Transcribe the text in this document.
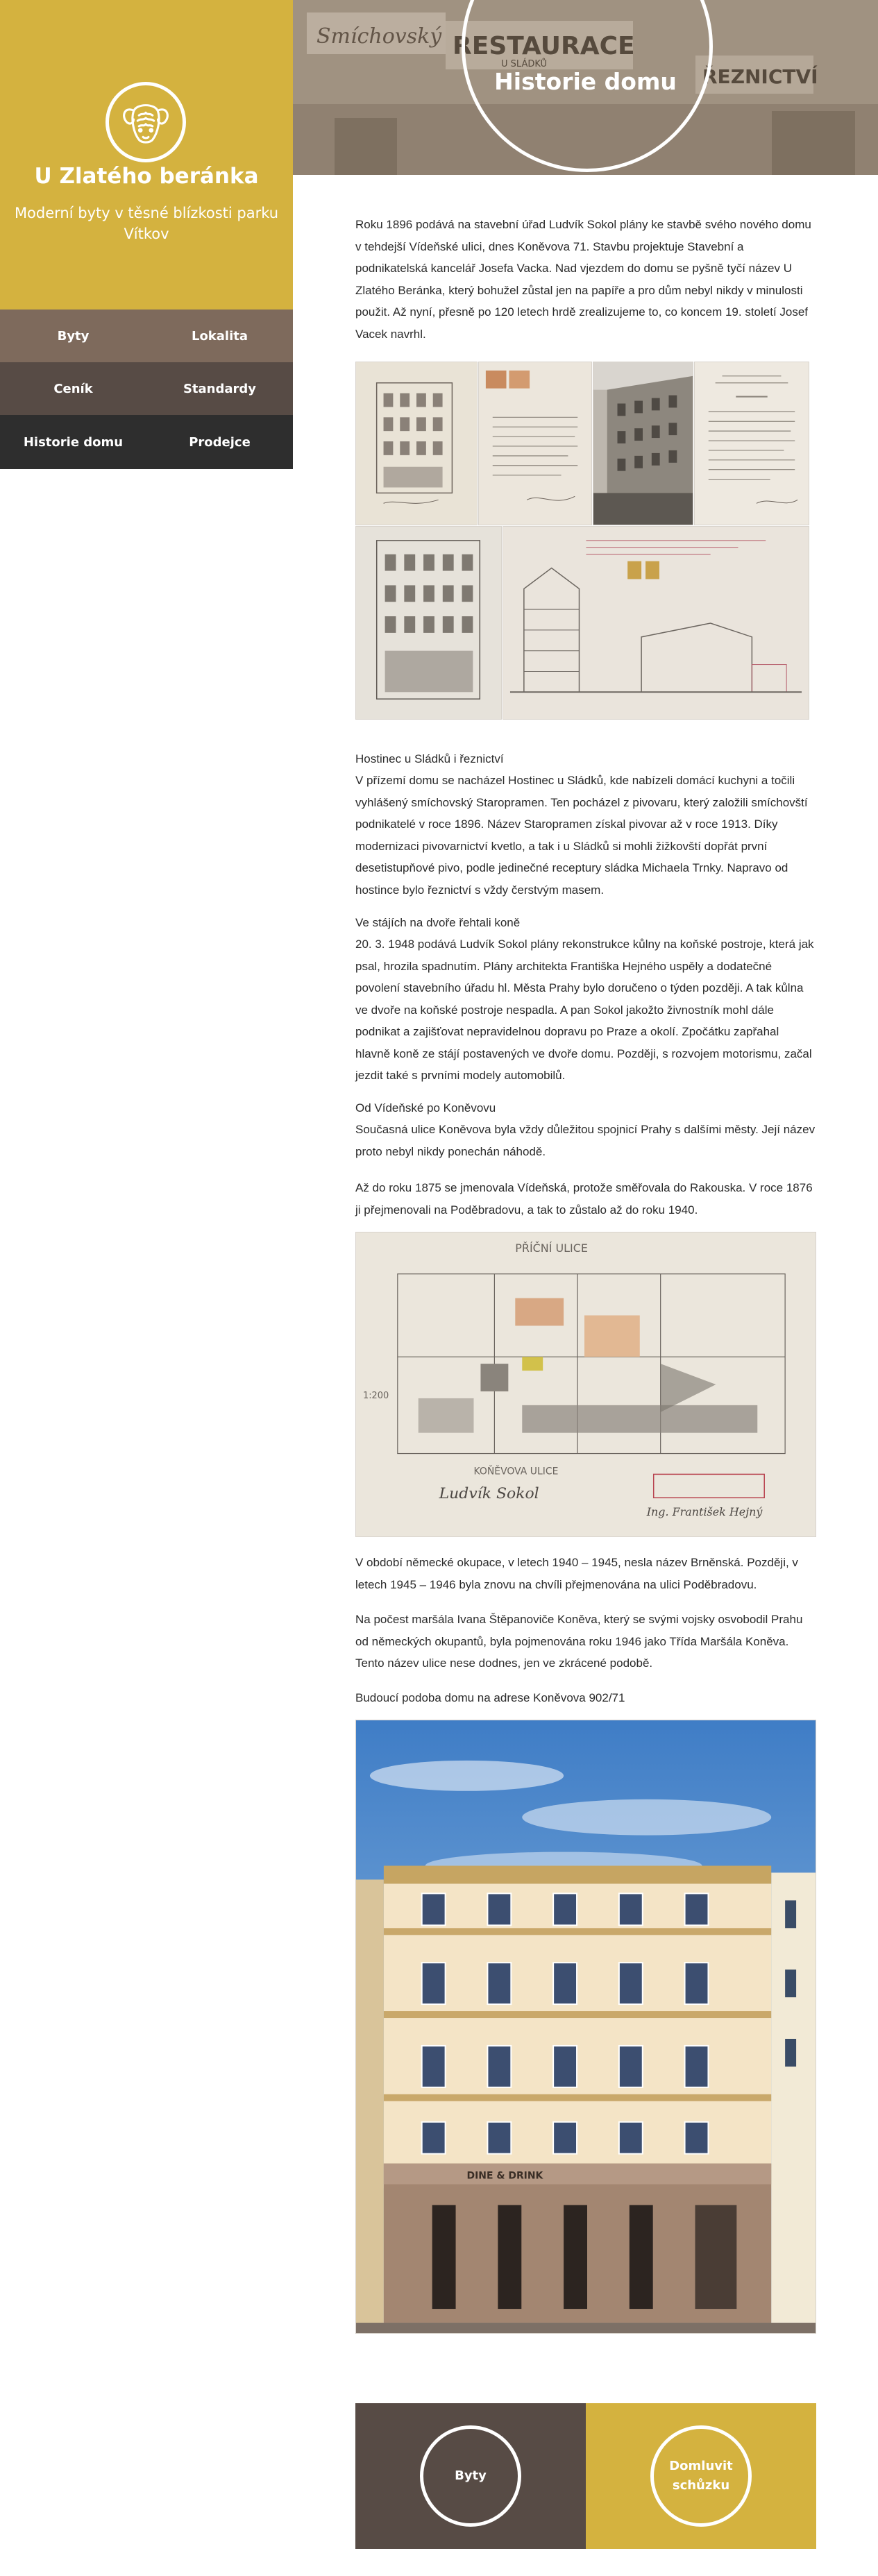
U Zlatého beránka
Moderní byty v těsné blízkosti parku Vítkov
Byty	Lokalita
Ceník	Standardy
Historie domu	Prodejce
Smíchovský RESTAURACE
U SLÁDKŮ
ŘEZNICTVÍ
Historie domu

Roku 1896 podává na stavební úřad Ludvík Sokol plány ke stavbě svého nového domu v tehdejší Vídeňské ulici, dnes Koněvova 71. Stavbu projektuje Stavební a podnikatelská kancelář Josefa Vacka. Nad vjezdem do domu se pyšně tyčí název U Zlatého Beránka, který bohužel zůstal jen na papíře a pro dům nebyl nikdy v minulosti použit. Až nyní, přesně po 120 letech hrdě zrealizujeme to, co koncem 19. století Josef Vacek navrhl.

Hostinec u Sládků i řeznictví

V přízemí domu se nacházel Hostinec u Sládků, kde nabízeli domácí kuchyni a točili vyhlášený smíchovský Staropramen. Ten pocházel z pivovaru, který založili smíchovští podnikatelé v roce 1896. Název Staropramen získal pivovar až v roce 1913. Díky modernizaci pivovarnictví kvetlo, a tak i u Sládků si mohli žižkovští dopřát první desetistupňové pivo, podle jedinečné receptury sládka Michaela Trnky. Napravo od hostince bylo řeznictví s vždy čerstvým masem.

Ve stájích na dvoře řehtali koně

20. 3. 1948 podává Ludvík Sokol plány rekonstrukce kůlny na koňské postroje, která jak psal, hrozila spadnutím. Plány architekta Františka Hejného uspěly a dodatečné povolení stavebního úřadu hl. Města Prahy bylo doručeno o týden později. A tak kůlna ve dvoře na koňské postroje nespadla. A pan Sokol jakožto živnostník mohl dále podnikat a zajišťovat nepravidelnou dopravu po Praze a okolí. Zpočátku zapřahal hlavně koně ze stájí postavených ve dvoře domu. Později, s rozvojem motorismu, začal jezdit také s prvními modely automobilů.

Od Vídeňské po Koněvovu

Současná ulice Koněvova byla vždy důležitou spojnicí Prahy s dalšími městy. Její název proto nebyl nikdy ponechán náhodě.

Až do roku 1875 se jmenovala Vídeňská, protože směřovala do Rakouska. V roce 1876 ji přejmenovali na Poděbradovu, a tak to zůstalo až do roku 1940.

PŘÍČNÍ ULICE
1:200
KOŇĚVOVA ULICE
Ludvík Sokol
Ing. František Hejný

V období německé okupace, v letech 1940 – 1945, nesla název Brněnská. Později, v letech 1945 – 1946 byla znovu na chvíli přejmenována na ulici Poděbradovu.

Na počest maršála Ivana Štěpanoviče Koněva, který se svými vojsky osvobodil Prahu od německých okupantů, byla pojmenována roku 1946 jako Třída Maršála Koněva. Tento název ulice nese dodnes, jen ve zkrácené podobě.

Budoucí podoba domu na adrese Koněvova 902/71

DINE & DRINK
Byty
Domluvit schůzku
